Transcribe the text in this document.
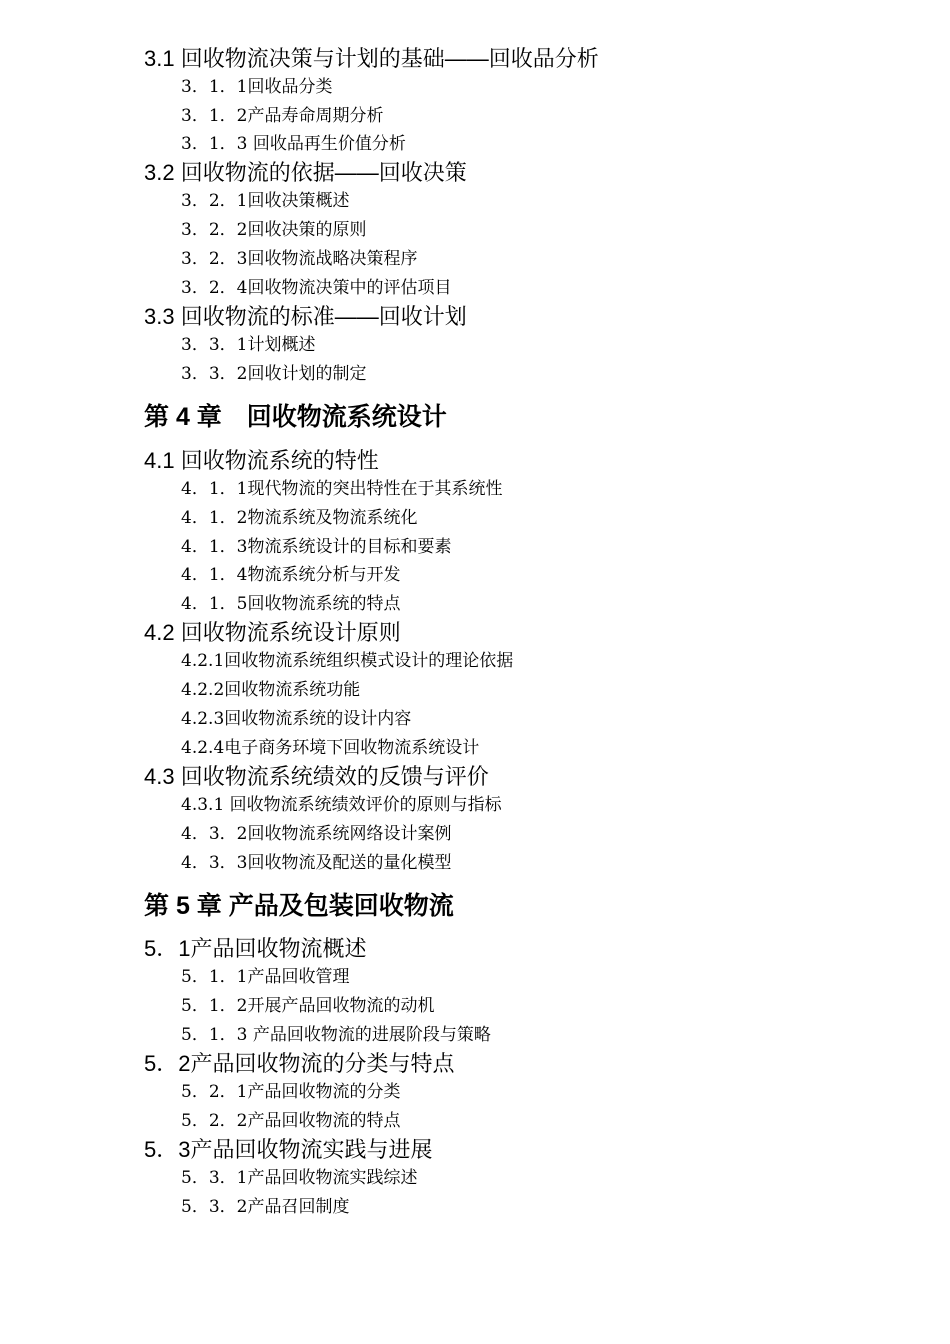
3.1 回收物流决策与计划的基础——回收品分析
3．1．1回收品分类
3．1．2产品寿命周期分析
3．1．3 回收品再生价值分析
3.2 回收物流的依据——回收决策
3．2．1回收决策概述
3．2．2回收决策的原则
3．2．3回收物流战略决策程序
3．2．4回收物流决策中的评估项目
3.3 回收物流的标准——回收计划
3．3．1计划概述
3．3．2回收计划的制定
第 4 章　回收物流系统设计
4.1 回收物流系统的特性
4．1．1现代物流的突出特性在于其系统性
4．1．2物流系统及物流系统化
4．1．3物流系统设计的目标和要素
4．1．4物流系统分析与开发
4．1．5回收物流系统的特点
4.2 回收物流系统设计原则
4.2.1回收物流系统组织模式设计的理论依据
4.2.2回收物流系统功能
4.2.3回收物流系统的设计内容
4.2.4电子商务环境下回收物流系统设计
4.3 回收物流系统绩效的反馈与评价
4.3.1 回收物流系统绩效评价的原则与指标
4．3．2回收物流系统网络设计案例
4．3．3回收物流及配送的量化模型
第 5 章 产品及包装回收物流
5．1产品回收物流概述
5．1．1产品回收管理
5．1．2开展产品回收物流的动机
5．1．3 产品回收物流的进展阶段与策略
5．2产品回收物流的分类与特点
5．2．1产品回收物流的分类
5．2．2产品回收物流的特点
5．3产品回收物流实践与进展
5．3．1产品回收物流实践综述
5．3．2产品召回制度
